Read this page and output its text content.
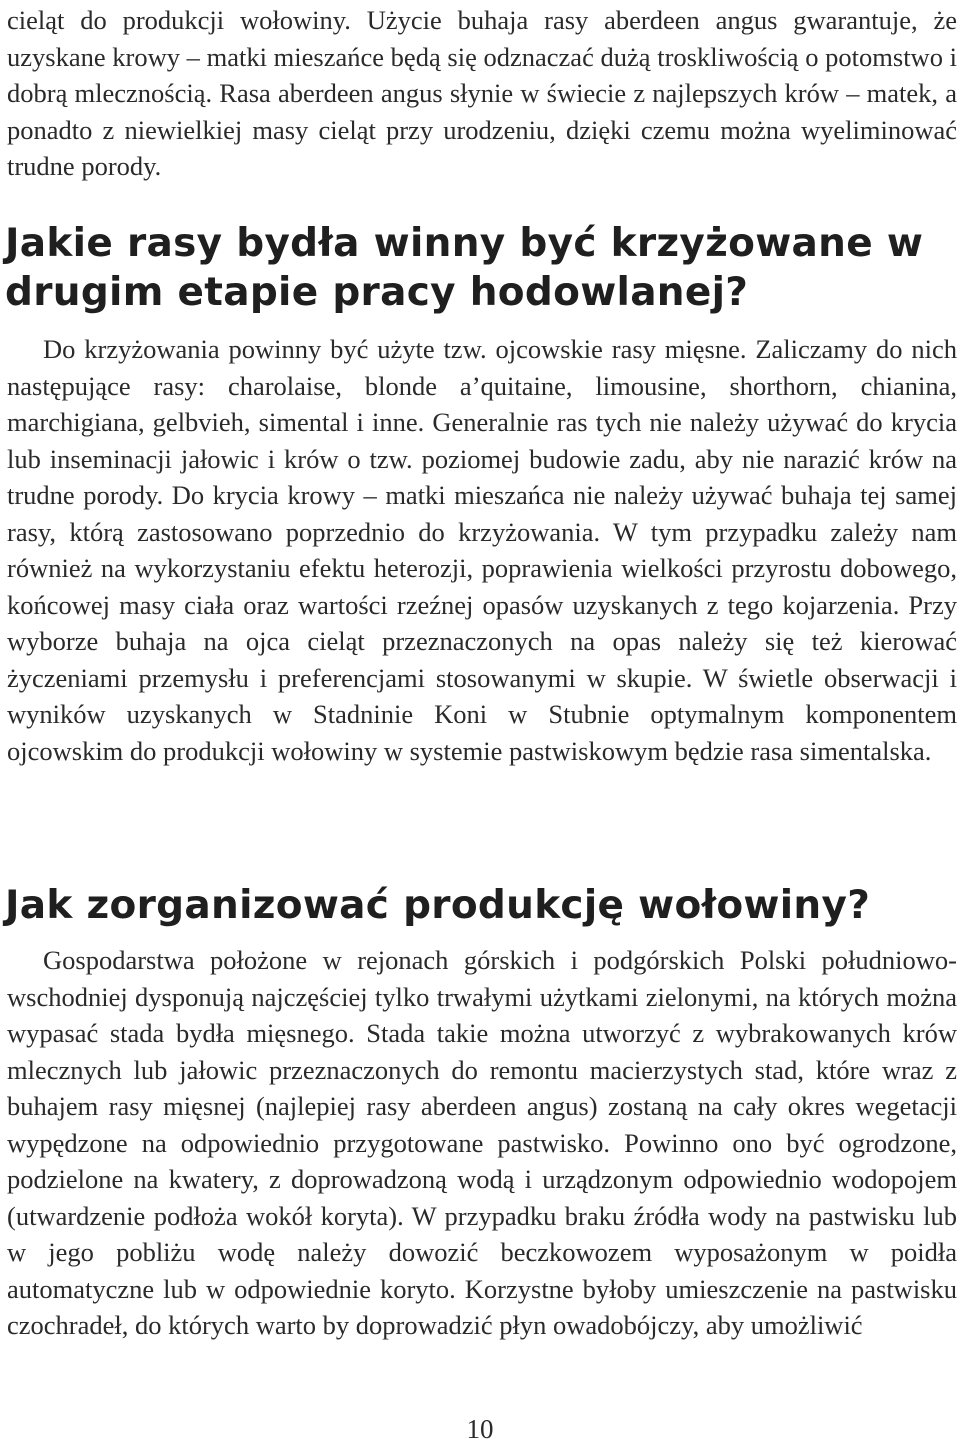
cieląt do produkcji wołowiny. Użycie buhaja rasy aberdeen angus gwarantuje, że uzyskane krowy – matki mieszańce będą się odznaczać dużą troskliwością o potomstwo i dobrą mlecznością. Rasa aberdeen angus słynie w świecie z najlepszych krów – matek, a ponadto z niewielkiej masy cieląt przy urodzeniu, dzięki czemu można wyeliminować trudne porody.

Jakie rasy bydła winny być krzyżowane w drugim etapie pracy hodowlanej?

Do krzyżowania powinny być użyte tzw. ojcowskie rasy mięsne. Zaliczamy do nich następujące rasy: charolaise, blonde a’quitaine, limousine, shorthorn, chianina, marchigiana, gelbvieh, simental i inne. Generalnie ras tych nie należy używać do krycia lub inseminacji jałowic i krów o tzw. poziomej budowie zadu, aby nie narazić krów na trudne porody. Do krycia krowy – matki mieszańca nie należy używać buhaja tej samej rasy, którą zastosowano poprzednio do krzyżowania. W tym przypadku zależy nam również na wykorzystaniu efektu heterozji, poprawienia wielkości przyrostu dobowego, końcowej masy ciała oraz wartości rzeźnej opasów uzyskanych z tego kojarzenia. Przy wyborze buhaja na ojca cieląt przeznaczonych na opas należy się też kierować życzeniami przemysłu i preferencjami stosowanymi w skupie. W świetle obserwacji i wyników uzyskanych w Stadninie Koni w Stubnie optymalnym komponentem ojcowskim do produkcji wołowiny w systemie pastwiskowym będzie rasa simentalska.

Jak zorganizować produkcję wołowiny?

Gospodarstwa położone w rejonach górskich i podgórskich Polski południowo-wschodniej dysponują najczęściej tylko trwałymi użytkami zielonymi, na których można wypasać stada bydła mięsnego. Stada takie można utworzyć z wybrakowanych krów mlecznych lub jałowic przeznaczonych do remontu macierzystych stad, które wraz z buhajem rasy mięsnej (najlepiej rasy aberdeen angus) zostaną na cały okres wegetacji wypędzone na odpowiednio przygotowane pastwisko. Powinno ono być ogrodzone, podzielone na kwatery, z doprowadzoną wodą i urządzonym odpowiednio wodopojem (utwardzenie podłoża wokół koryta). W przypadku braku źródła wody na pastwisku lub w jego pobliżu wodę należy dowozić beczkowozem wyposażonym w poidła automatyczne lub w odpowiednie koryto. Korzystne byłoby umieszczenie na pastwisku czochradeł, do których warto by doprowadzić płyn owadobójczy, aby umożliwić

10
